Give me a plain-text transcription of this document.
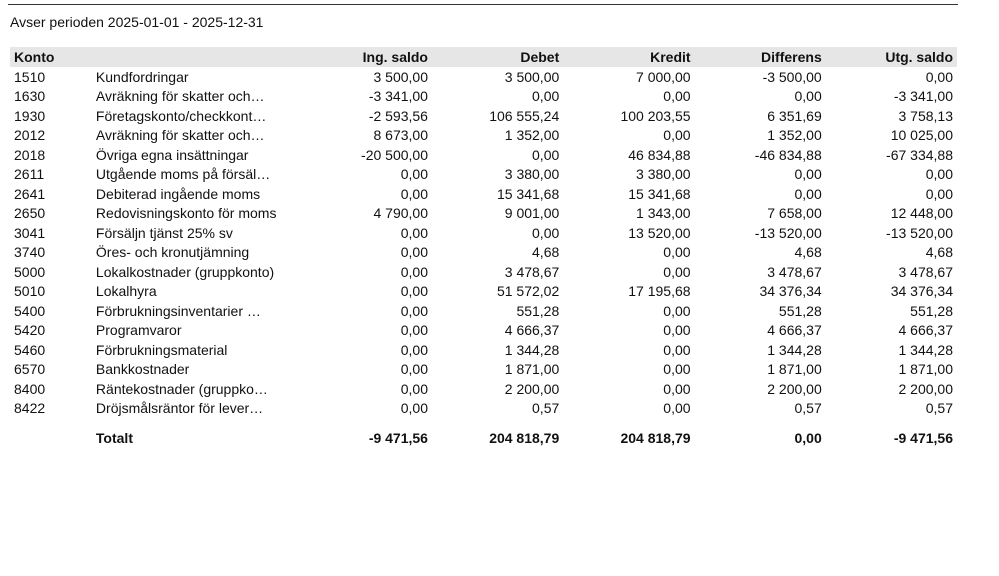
Avser perioden 2025-01-01 - 2025-12-31
Konto		Ing. saldo	Debet	Kredit	Differens	Utg. saldo
1510	Kundfordringar	3 500,00	3 500,00	7 000,00	-3 500,00	0,00
1630	Avräkning för skatter och…	-3 341,00	0,00	0,00	0,00	-3 341,00
1930	Företagskonto/checkkont…	-2 593,56	106 555,24	100 203,55	6 351,69	3 758,13
2012	Avräkning för skatter och…	8 673,00	1 352,00	0,00	1 352,00	10 025,00
2018	Övriga egna insättningar	-20 500,00	0,00	46 834,88	-46 834,88	-67 334,88
2611	Utgående moms på försäl…	0,00	3 380,00	3 380,00	0,00	0,00
2641	Debiterad ingående moms	0,00	15 341,68	15 341,68	0,00	0,00
2650	Redovisningskonto för moms	4 790,00	9 001,00	1 343,00	7 658,00	12 448,00
3041	Försäljn tjänst 25% sv	0,00	0,00	13 520,00	-13 520,00	-13 520,00
3740	Öres- och kronutjämning	0,00	4,68	0,00	4,68	4,68
5000	Lokalkostnader (gruppkonto)	0,00	3 478,67	0,00	3 478,67	3 478,67
5010	Lokalhyra	0,00	51 572,02	17 195,68	34 376,34	34 376,34
5400	Förbrukningsinventarier …	0,00	551,28	0,00	551,28	551,28
5420	Programvaror	0,00	4 666,37	0,00	4 666,37	4 666,37
5460	Förbrukningsmaterial	0,00	1 344,28	0,00	1 344,28	1 344,28
6570	Bankkostnader	0,00	1 871,00	0,00	1 871,00	1 871,00
8400	Räntekostnader (gruppko…	0,00	2 200,00	0,00	2 200,00	2 200,00
8422	Dröjsmålsräntor för lever…	0,00	0,57	0,00	0,57	0,57

	Totalt	-9 471,56	204 818,79	204 818,79	0,00	-9 471,56
